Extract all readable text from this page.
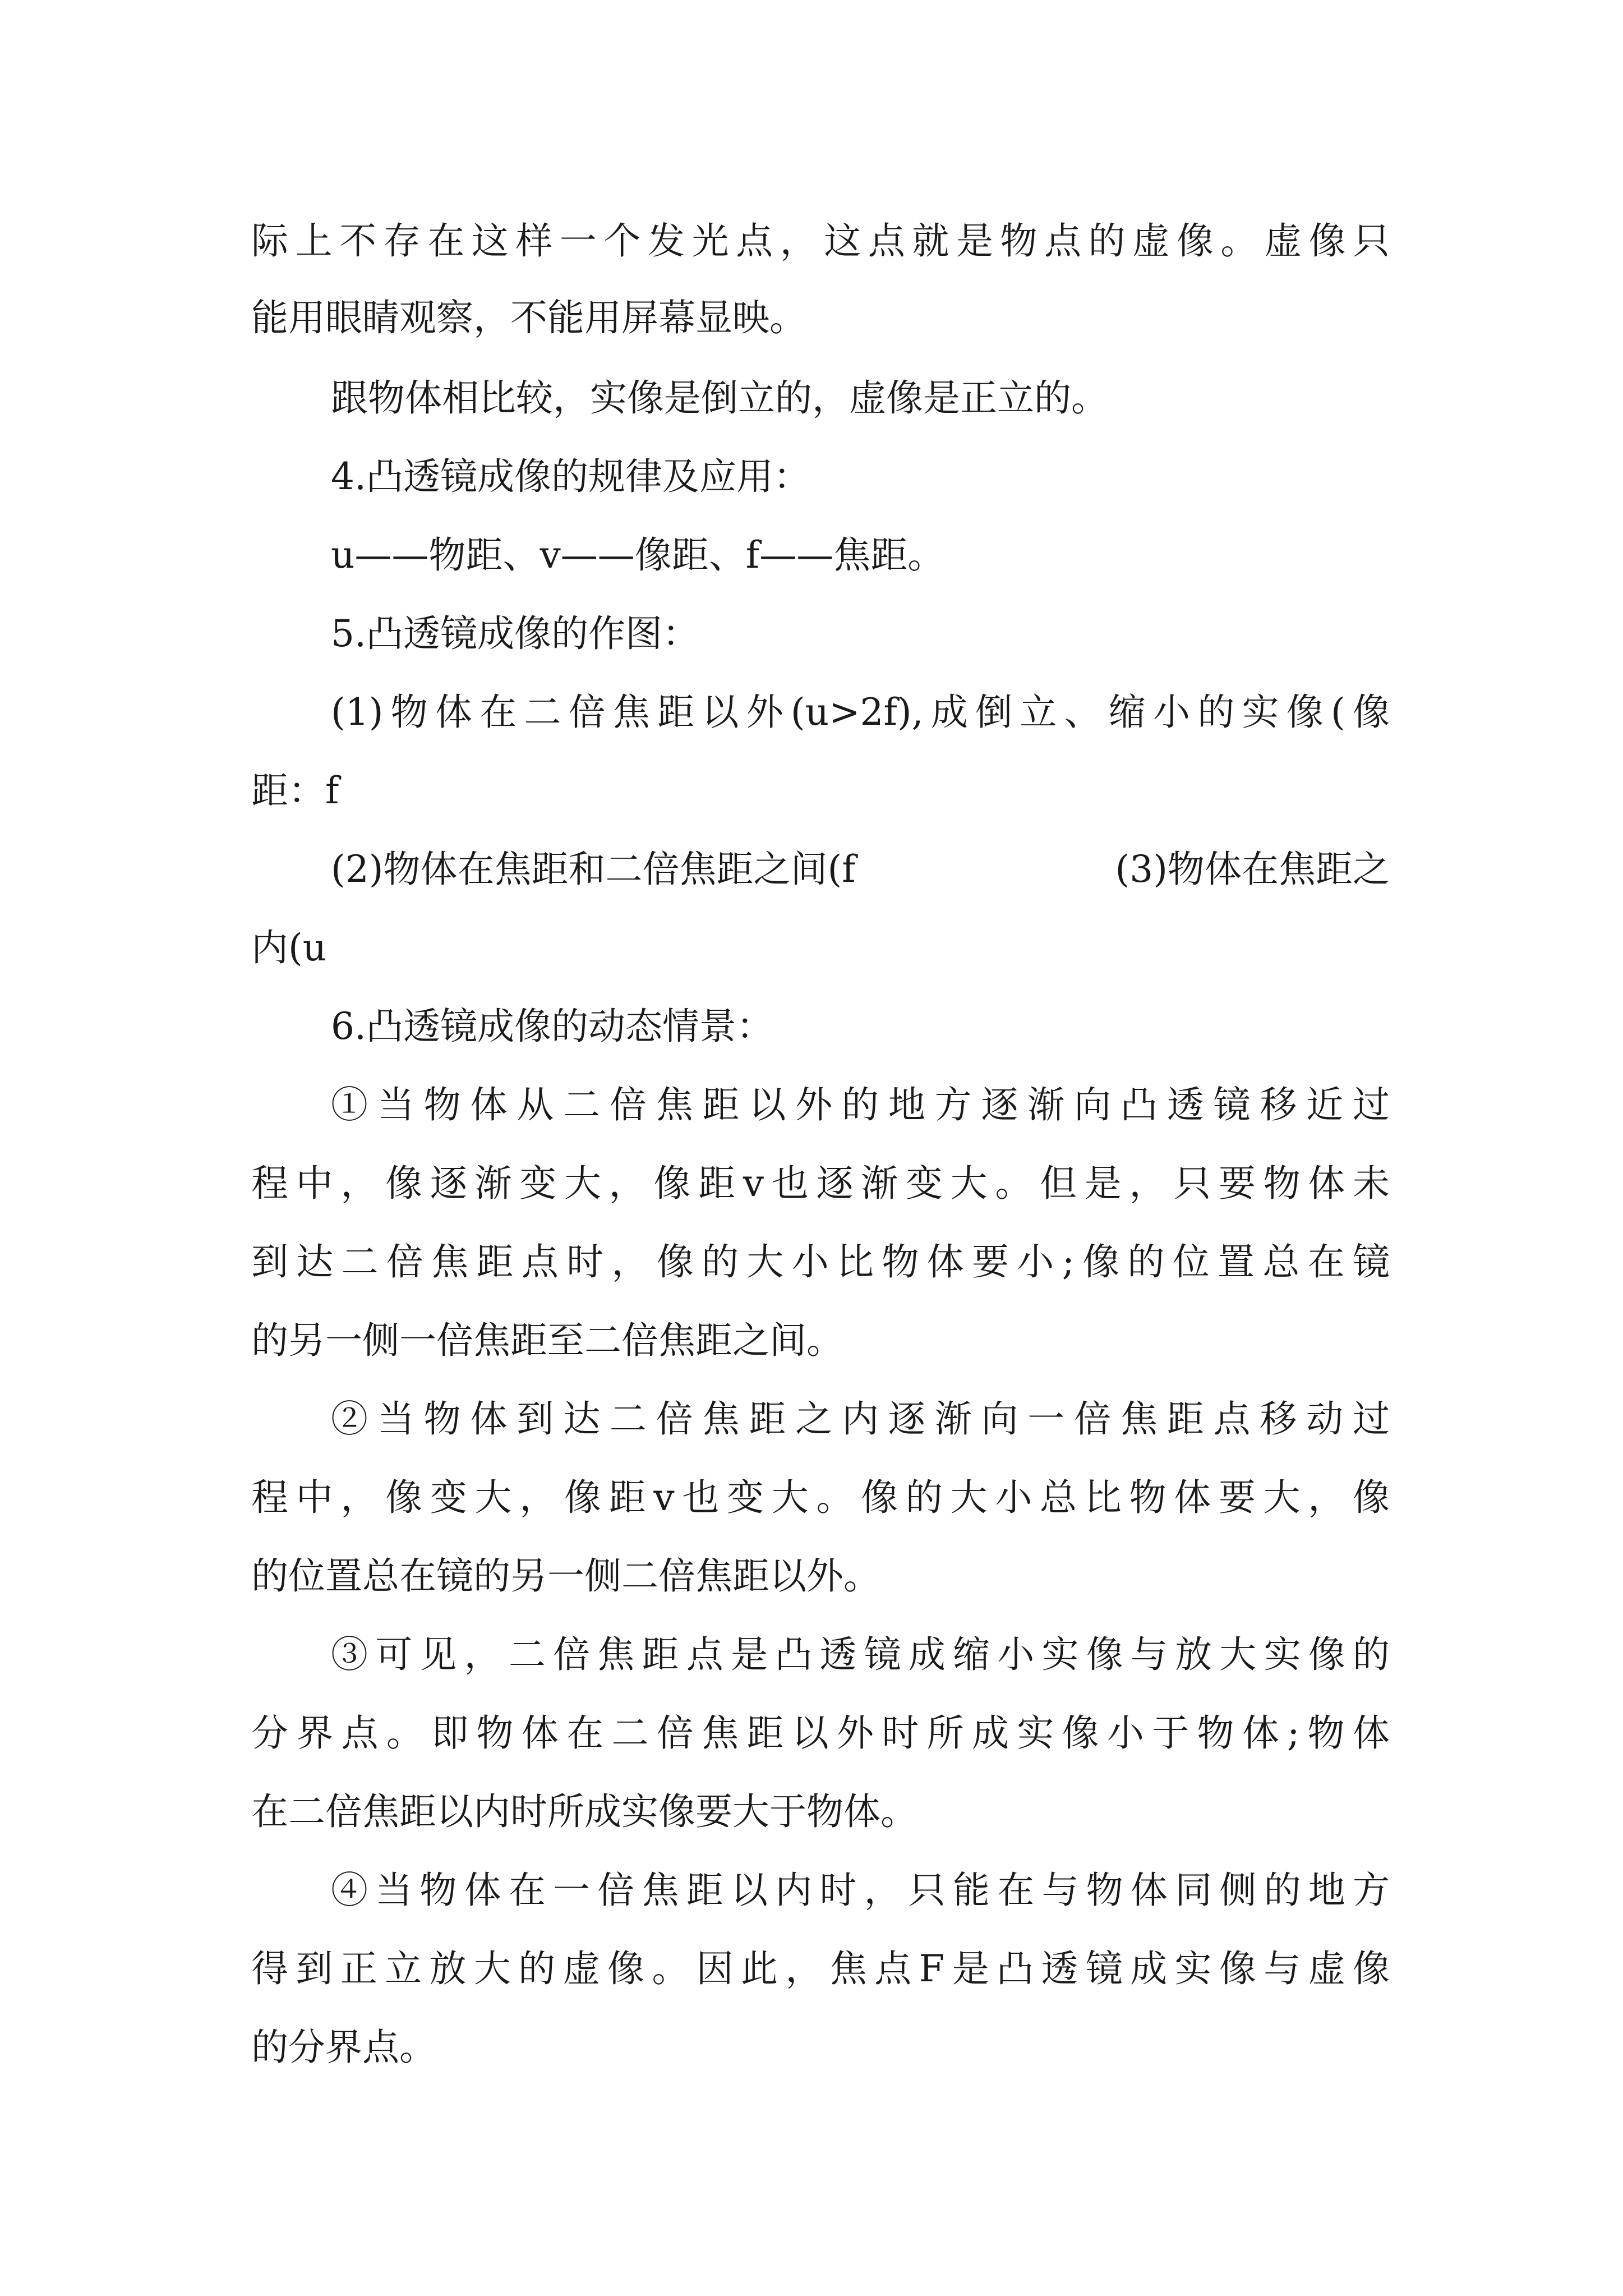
际上不存在这样一个发光点，这点就是物点的虚像。虚像只
能用眼睛观察，不能用屏幕显映。
跟物体相比较，实像是倒立的，虚像是正立的。
4.凸透镜成像的规律及应用：
u——物距、v——像距、f——焦距。
5.凸透镜成像的作图：
(1)物体在二倍焦距以外(u>2f),成倒立、缩小的实像(像
距：f
(2)物体在焦距和二倍焦距之间(f	(3)物体在焦距之
内(u
6.凸透镜成像的动态情景：
①当物体从二倍焦距以外的地方逐渐向凸透镜移近过
程中，像逐渐变大，像距v也逐渐变大。但是，只要物体未
到达二倍焦距点时，像的大小比物体要小;像的位置总在镜
的另一侧一倍焦距至二倍焦距之间。
②当物体到达二倍焦距之内逐渐向一倍焦距点移动过
程中，像变大，像距v也变大。像的大小总比物体要大，像
的位置总在镜的另一侧二倍焦距以外。
③可见，二倍焦距点是凸透镜成缩小实像与放大实像的
分界点。即物体在二倍焦距以外时所成实像小于物体;物体
在二倍焦距以内时所成实像要大于物体。
④当物体在一倍焦距以内时，只能在与物体同侧的地方
得到正立放大的虚像。因此，焦点F是凸透镜成实像与虚像
的分界点。
